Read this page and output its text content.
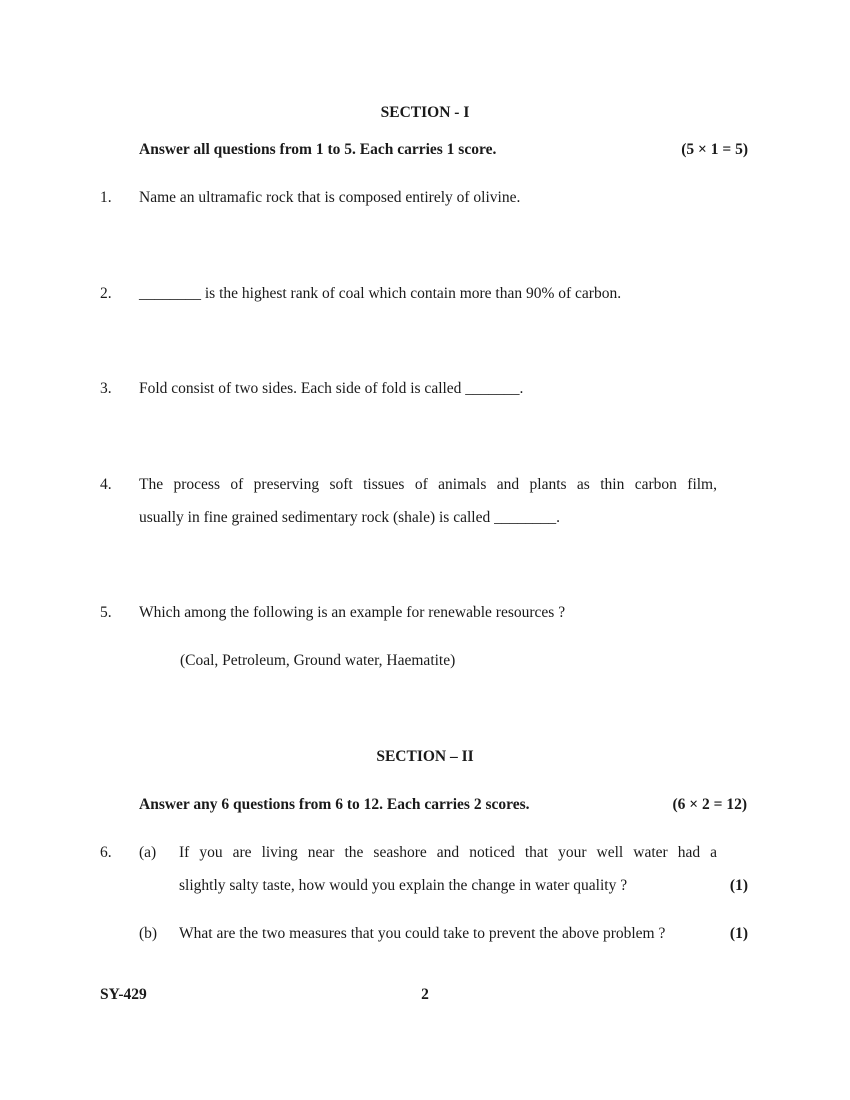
SECTION - I
Answer all questions from 1 to 5. Each carries 1 score.	(5 × 1 = 5)
1. Name an ultramafic rock that is composed entirely of olivine.
2. ________ is the highest rank of coal which contain more than 90% of carbon.
3. Fold consist of two sides. Each side of fold is called _______.
4. The process of preserving soft tissues of animals and plants as thin carbon film,
usually in fine grained sedimentary rock (shale) is called ________.
5. Which among the following is an example for renewable resources ?
(Coal, Petroleum, Ground water, Haematite)
SECTION – II
Answer any 6 questions from 6 to 12. Each carries 2 scores.	(6 × 2 = 12)
6. (a) If you are living near the seashore and noticed that your well water had a
slightly salty taste, how would you explain the change in water quality ?	(1)
(b) What are the two measures that you could take to prevent the above problem ?	(1)
SY-429	2
